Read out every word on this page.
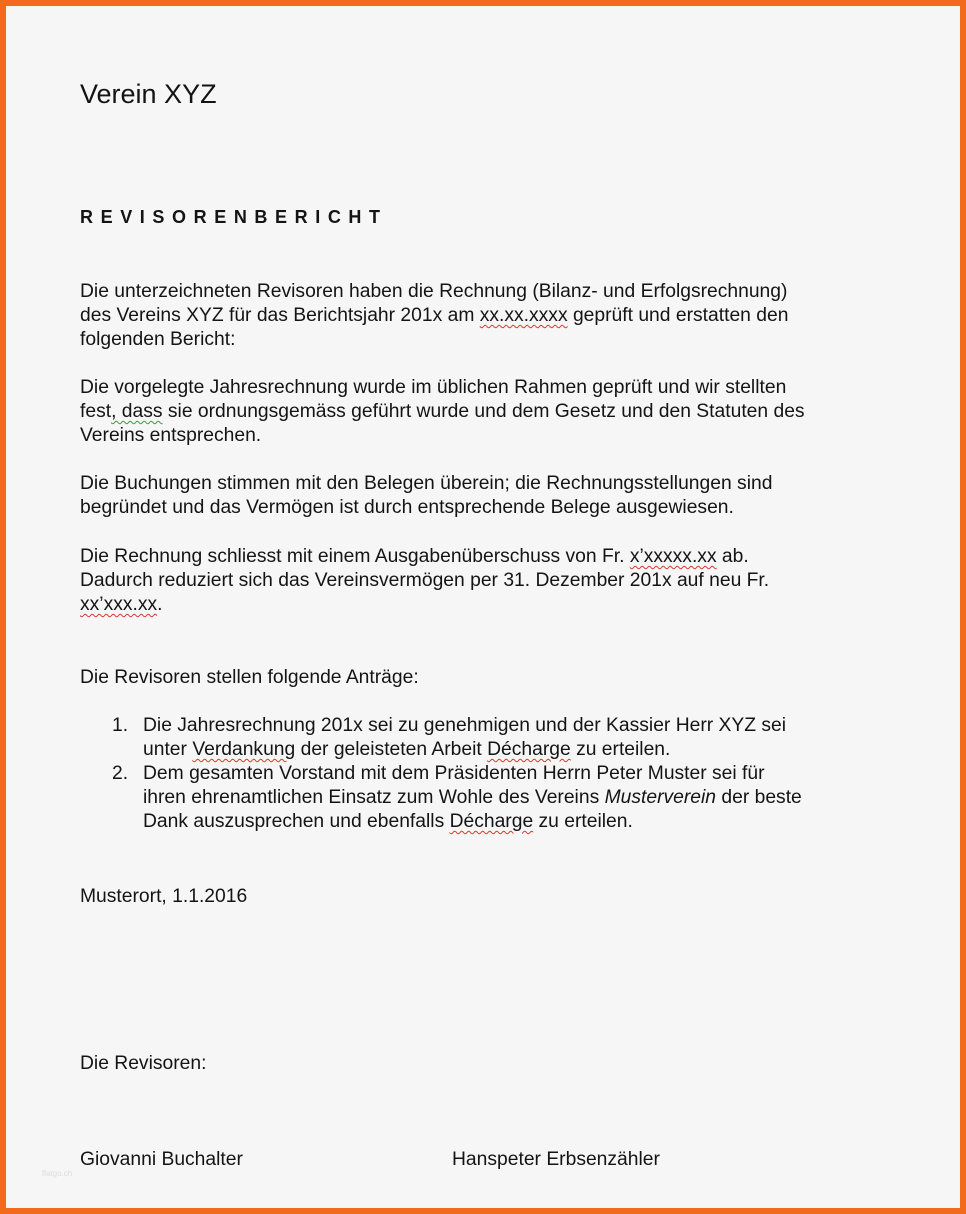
Verein XYZ
REVISORENBERICHT
Die unterzeichneten Revisoren haben die Rechnung (Bilanz- und Erfolgsrechnung)
des Vereins XYZ für das Berichtsjahr 201x am xx.xx.xxxx geprüft und erstatten den
folgenden Bericht:
Die vorgelegte Jahresrechnung wurde im üblichen Rahmen geprüft und wir stellten
fest, dass sie ordnungsgemäss geführt wurde und dem Gesetz und den Statuten des
Vereins entsprechen.
Die Buchungen stimmen mit den Belegen überein; die Rechnungsstellungen sind
begründet und das Vermögen ist durch entsprechende Belege ausgewiesen.
Die Rechnung schliesst mit einem Ausgabenüberschuss von Fr. x’xxxxx.xx ab.
Dadurch reduziert sich das Vereinsvermögen per 31. Dezember 201x auf neu Fr.
xx’xxx.xx.
Die Revisoren stellen folgende Anträge:
1. Die Jahresrechnung 201x sei zu genehmigen und der Kassier Herr XYZ sei
unter Verdankung der geleisteten Arbeit Décharge zu erteilen.
2. Dem gesamten Vorstand mit dem Präsidenten Herrn Peter Muster sei für
ihren ehrenamtlichen Einsatz zum Wohle des Vereins Musterverein der beste
Dank auszusprechen und ebenfalls Décharge zu erteilen.
Musterort, 1.1.2016
Die Revisoren:
Giovanni Buchalter	Hanspeter Erbsenzähler
flatgo.ch
